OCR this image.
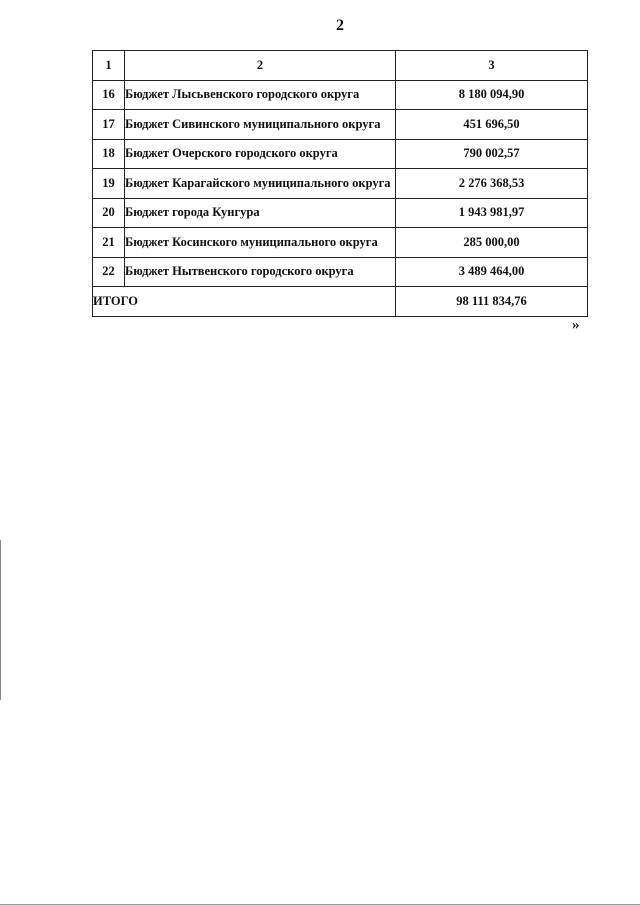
2
1	2	3
16	Бюджет Лысьвенского городского округа	8 180 094,90
17	Бюджет Сивинского муниципального округа	451 696,50
18	Бюджет Очерского городского округа	790 002,57
19	Бюджет Карагайского муниципального округа	2 276 368,53
20	Бюджет города Кунгура	1 943 981,97
21	Бюджет Косинского муниципального округа	285 000,00
22	Бюджет Нытвенского городского округа	3 489 464,00
ИТОГО		98 111 834,76
»
